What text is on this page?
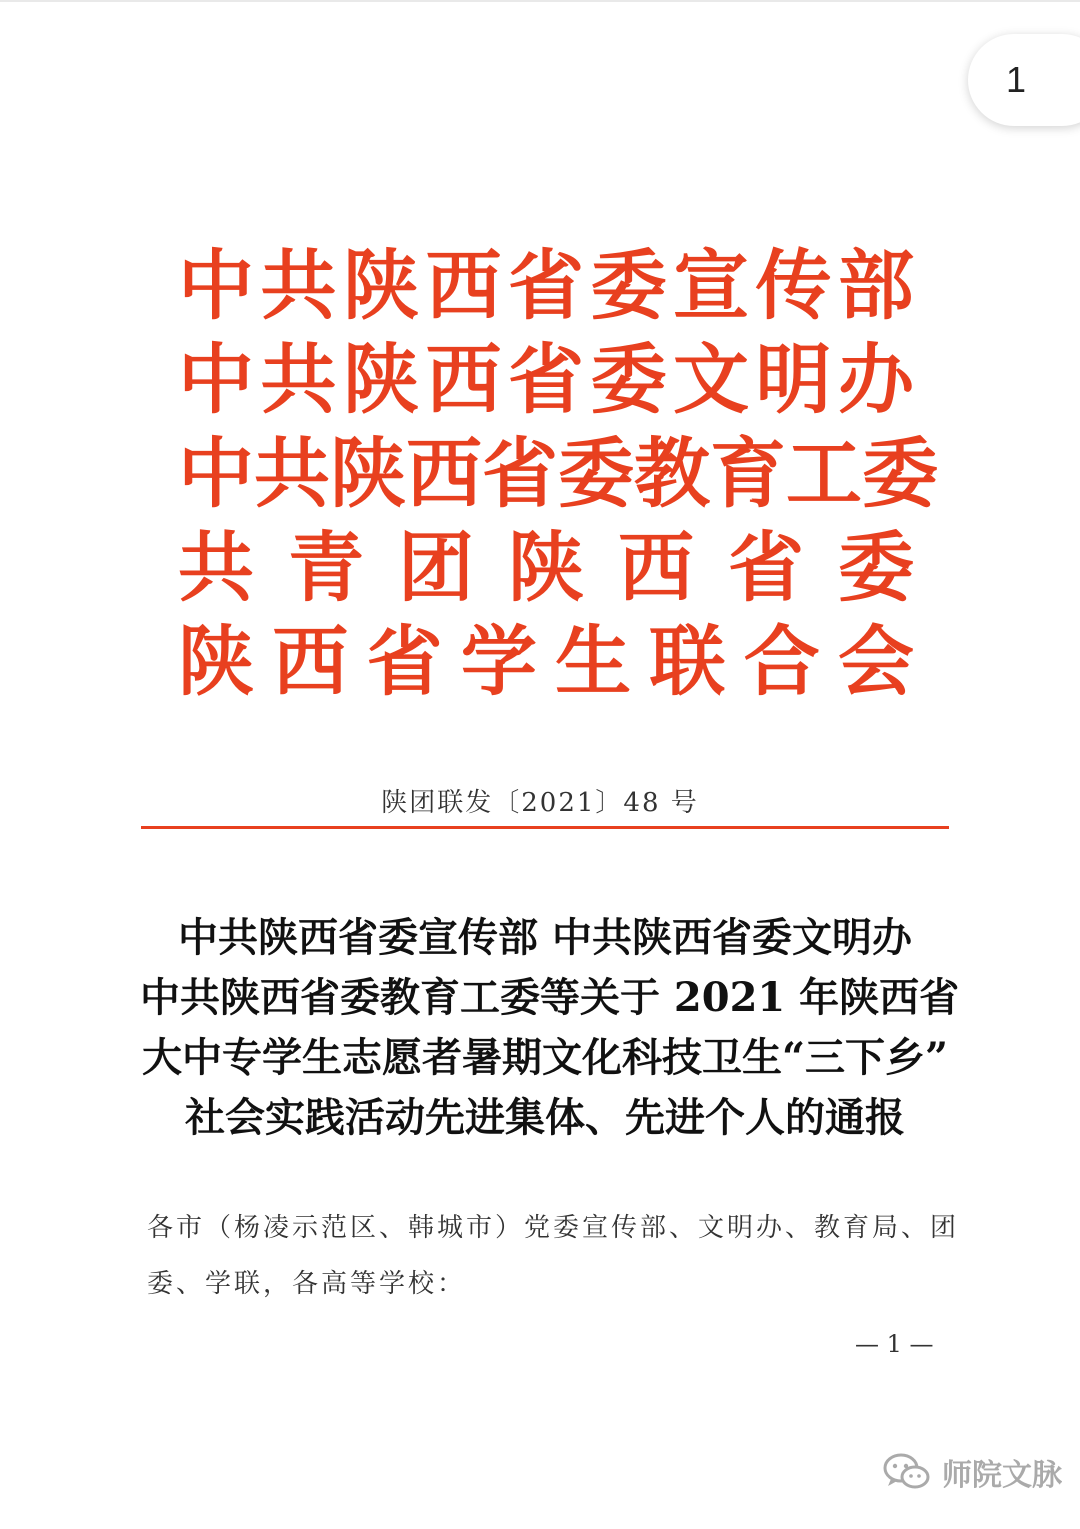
1
中 共 陕 西 省 委 宣 传 部
中 共 陕 西 省 委 文 明 办
中 共 陕 西 省 委 教 育 工 委
共 青 团 陕 西 省 委
陕 西 省 学 生 联 合 会
陕团联发〔2021〕48 号
中共陕西省委宣传部 中共陕西省委文明办
中共陕西省委教育工委等关于 2021 年陕西省
大中专学生志愿者暑期文化科技卫生“三下乡”
社会实践活动先进集体、先进个人的通报
各市（杨凌示范区、韩城市）党委宣传部、文明办、教育局、团
委、学联，各高等学校：
— 1 —
师院文脉
